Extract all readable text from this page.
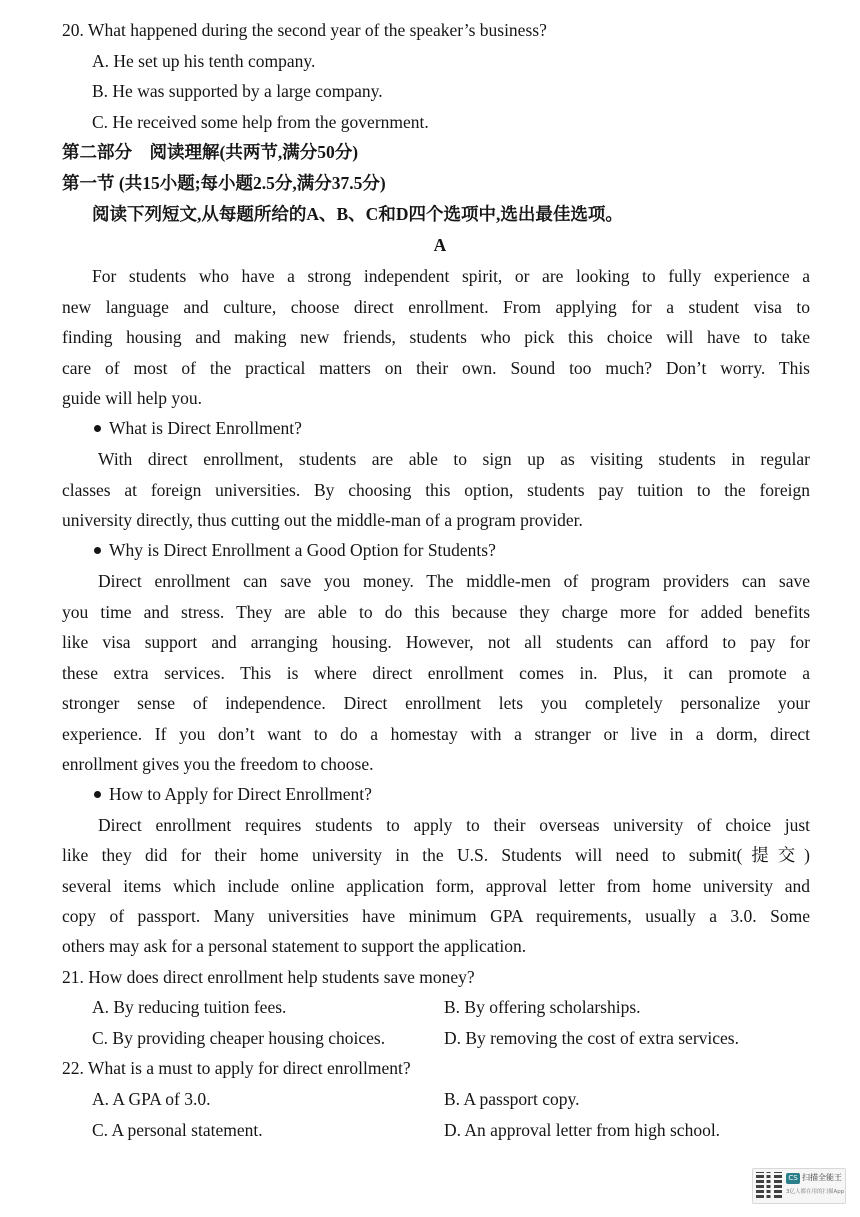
20. What happened during the second year of the speaker’s business?
A. He set up his tenth company.
B. He was supported by a large company.
C. He received some help from the government.
第二部分　阅读理解(共两节,满分50分)
第一节 (共15小题;每小题2.5分,满分37.5分)
阅读下列短文,从每题所给的A、B、C和D四个选项中,选出最佳选项。
A
For students who have a strong independent spirit, or are looking to fully experience a
new language and culture, choose direct enrollment. From applying for a student visa to
finding housing and making new friends, students who pick this choice will have to take
care of most of the practical matters on their own. Sound too much? Don’t worry. This
guide will help you.
What is Direct Enrollment?
With direct enrollment, students are able to sign up as visiting students in regular
classes at foreign universities. By choosing this option, students pay tuition to the foreign
university directly, thus cutting out the middle-man of a program provider.
Why is Direct Enrollment a Good Option for Students?
Direct enrollment can save you money. The middle-men of program providers can save
you time and stress. They are able to do this because they charge more for added benefits
like visa support and arranging housing. However, not all students can afford to pay for
these extra services. This is where direct enrollment comes in. Plus, it can promote a
stronger sense of independence. Direct enrollment lets you completely personalize your
experience. If you don’t want to do a homestay with a stranger or live in a dorm, direct
enrollment gives you the freedom to choose.
How to Apply for Direct Enrollment?
Direct enrollment requires students to apply to their overseas university of choice just
like they did for their home university in the U.S. Students will need to submit(提交)
several items which include online application form, approval letter from home university and
copy of passport. Many universities have minimum GPA requirements, usually a 3.0. Some
others may ask for a personal statement to support the application.
21. How does direct enrollment help students save money?
A. By reducing tuition fees.	B. By offering scholarships.
C. By providing cheaper housing choices.	D. By removing the cost of extra services.
22. What is a must to apply for direct enrollment?
A. A GPA of 3.0.	B. A passport copy.
C. A personal statement.	D. An approval letter from high school.
CS 扫描全能王
3亿人都在用的扫描App
